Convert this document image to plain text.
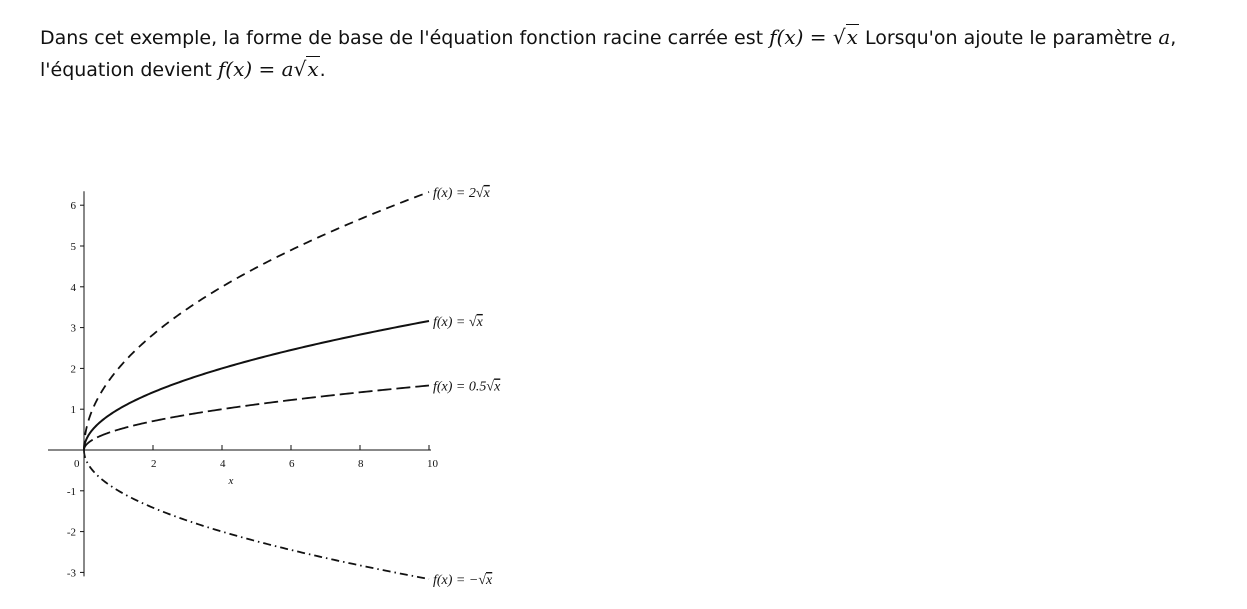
Dans cet exemple, la forme de base de l'équation fonction racine carrée est f(x) = √x Lorsqu'on ajoute le paramètre a,
l'équation devient f(x) = a√x.
0	2	4	6	8	10
-3
-2
-1
1
2
3
4
5
6
x
f(x) = 2√x
f(x) = √x
f(x) = 0.5√x
f(x) = −√x
